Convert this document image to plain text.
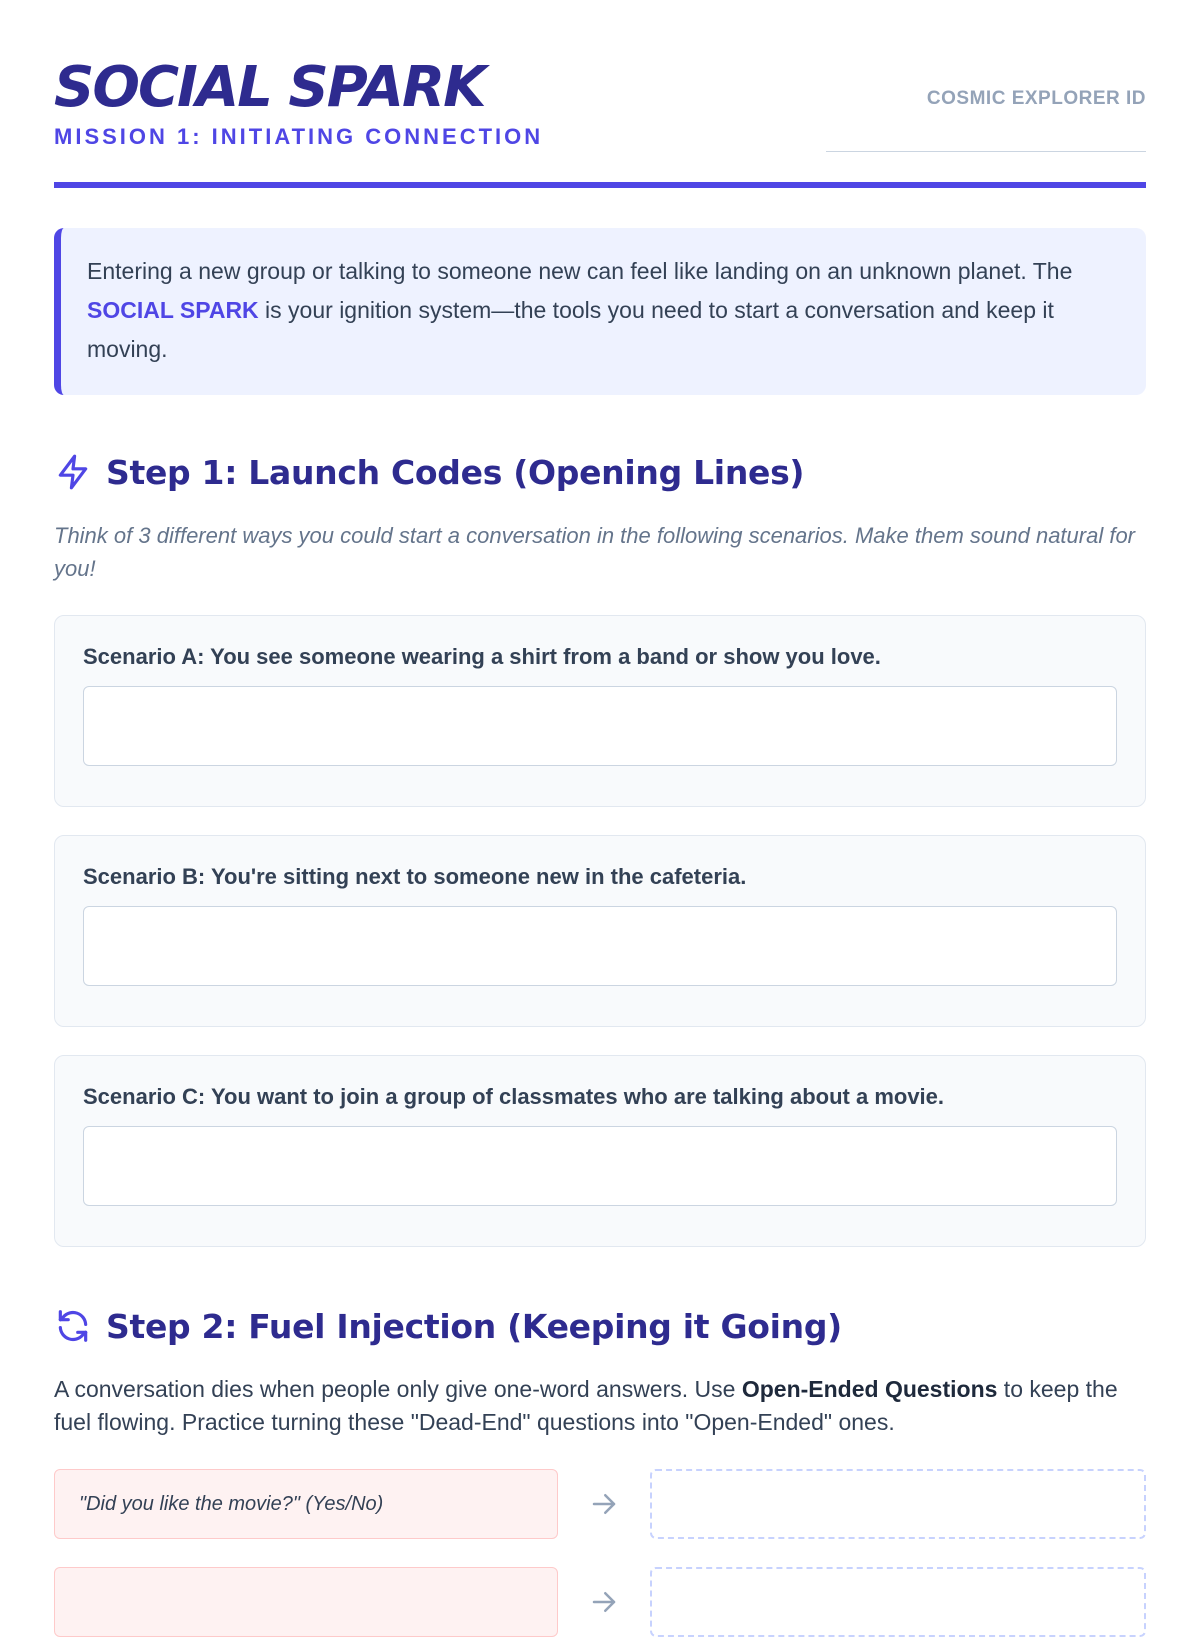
SOCIAL SPARK
MISSION 1: INITIATING CONNECTION
COSMIC EXPLORER ID
Entering a new group or talking to someone new can feel like landing on an unknown planet. The SOCIAL SPARK is your ignition system—the tools you need to start a conversation and keep it moving.
Step 1: Launch Codes (Opening Lines)
Think of 3 different ways you could start a conversation in the following scenarios. Make them sound natural for you!
Scenario A: You see someone wearing a shirt from a band or show you love.
Scenario B: You're sitting next to someone new in the cafeteria.
Scenario C: You want to join a group of classmates who are talking about a movie.
Step 2: Fuel Injection (Keeping it Going)
A conversation dies when people only give one-word answers. Use Open-Ended Questions to keep the fuel flowing. Practice turning these "Dead-End" questions into "Open-Ended" ones.
"Did you like the movie?" (Yes/No)
